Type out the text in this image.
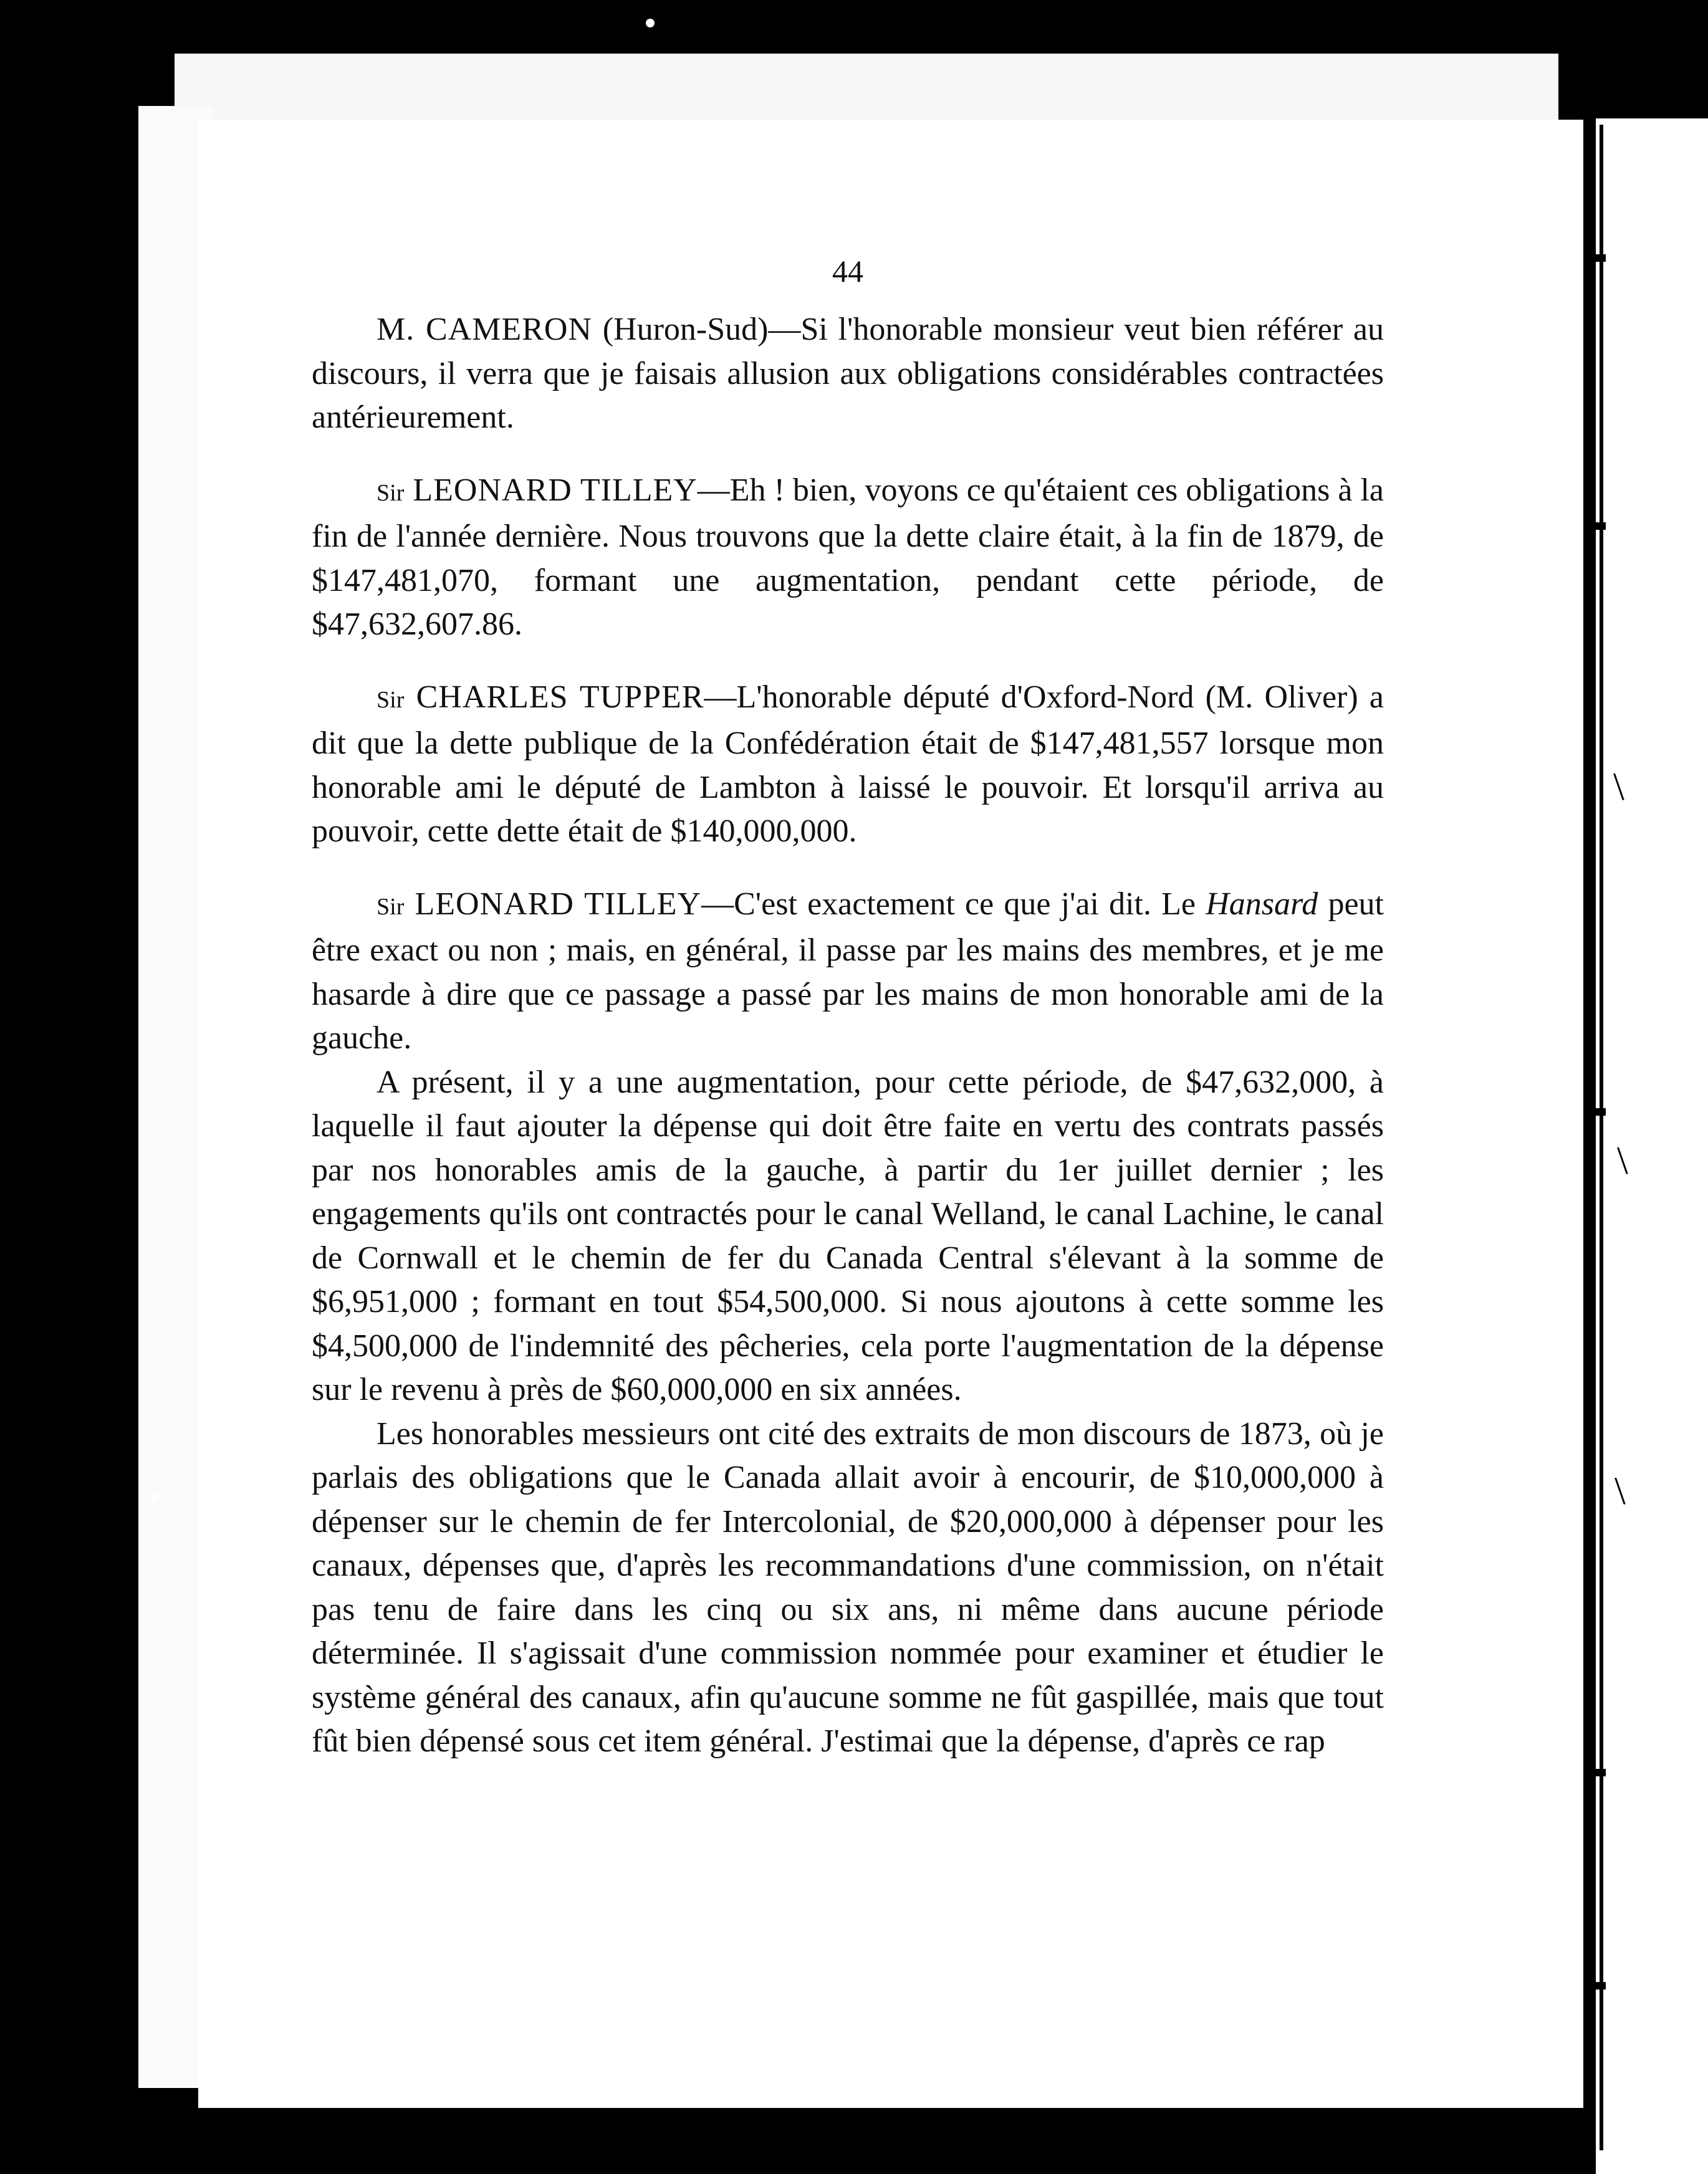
\
\
\
44

M. CAMERON (Huron-Sud)—Si l'honorable monsieur veut bien référer au discours, il verra que je faisais allusion aux obligations considérables contractées antérieurement.

Sir LEONARD TILLEY—Eh ! bien, voyons ce qu'étaient ces obligations à la fin de l'année dernière. Nous trouvons que la dette claire était, à la fin de 1879, de $147,481,070, formant une augmentation, pendant cette période, de $47,632,607.86.

Sir CHARLES TUPPER—L'honorable député d'Oxford-Nord (M. Oliver) a dit que la dette publique de la Confédération était de $147,481,557 lorsque mon honorable ami le député de Lambton à laissé le pouvoir. Et lorsqu'il arriva au pouvoir, cette dette était de $140,000,000.

Sir LEONARD TILLEY—C'est exactement ce que j'ai dit. Le Hansard peut être exact ou non ; mais, en général, il passe par les mains des membres, et je me hasarde à dire que ce passage a passé par les mains de mon honorable ami de la gauche.

A présent, il y a une augmentation, pour cette période, de $47,632,000, à laquelle il faut ajouter la dépense qui doit être faite en vertu des contrats passés par nos honorables amis de la gauche, à partir du 1er juillet dernier ; les engagements qu'ils ont contractés pour le canal Welland, le canal Lachine, le canal de Cornwall et le chemin de fer du Canada Central s'élevant à la somme de $6,951,000 ; formant en tout $54,500,000. Si nous ajoutons à cette somme les $4,500,000 de l'indemnité des pêcheries, cela porte l'augmentation de la dépense sur le revenu à près de $60,000,000 en six années.

Les honorables messieurs ont cité des extraits de mon discours de 1873, où je parlais des obligations que le Canada allait avoir à encourir, de $10,000,000 à dépenser sur le chemin de fer Intercolonial, de $20,000,000 à dépenser pour les canaux, dépenses que, d'après les recommandations d'une commission, on n'était pas tenu de faire dans les cinq ou six ans, ni même dans aucune période déterminée. Il s'agissait d'une commission nommée pour examiner et étudier le système général des canaux, afin qu'aucune somme ne fût gaspillée, mais que tout fût bien dépensé sous cet item général. J'estimai que la dépense, d'après ce rap
